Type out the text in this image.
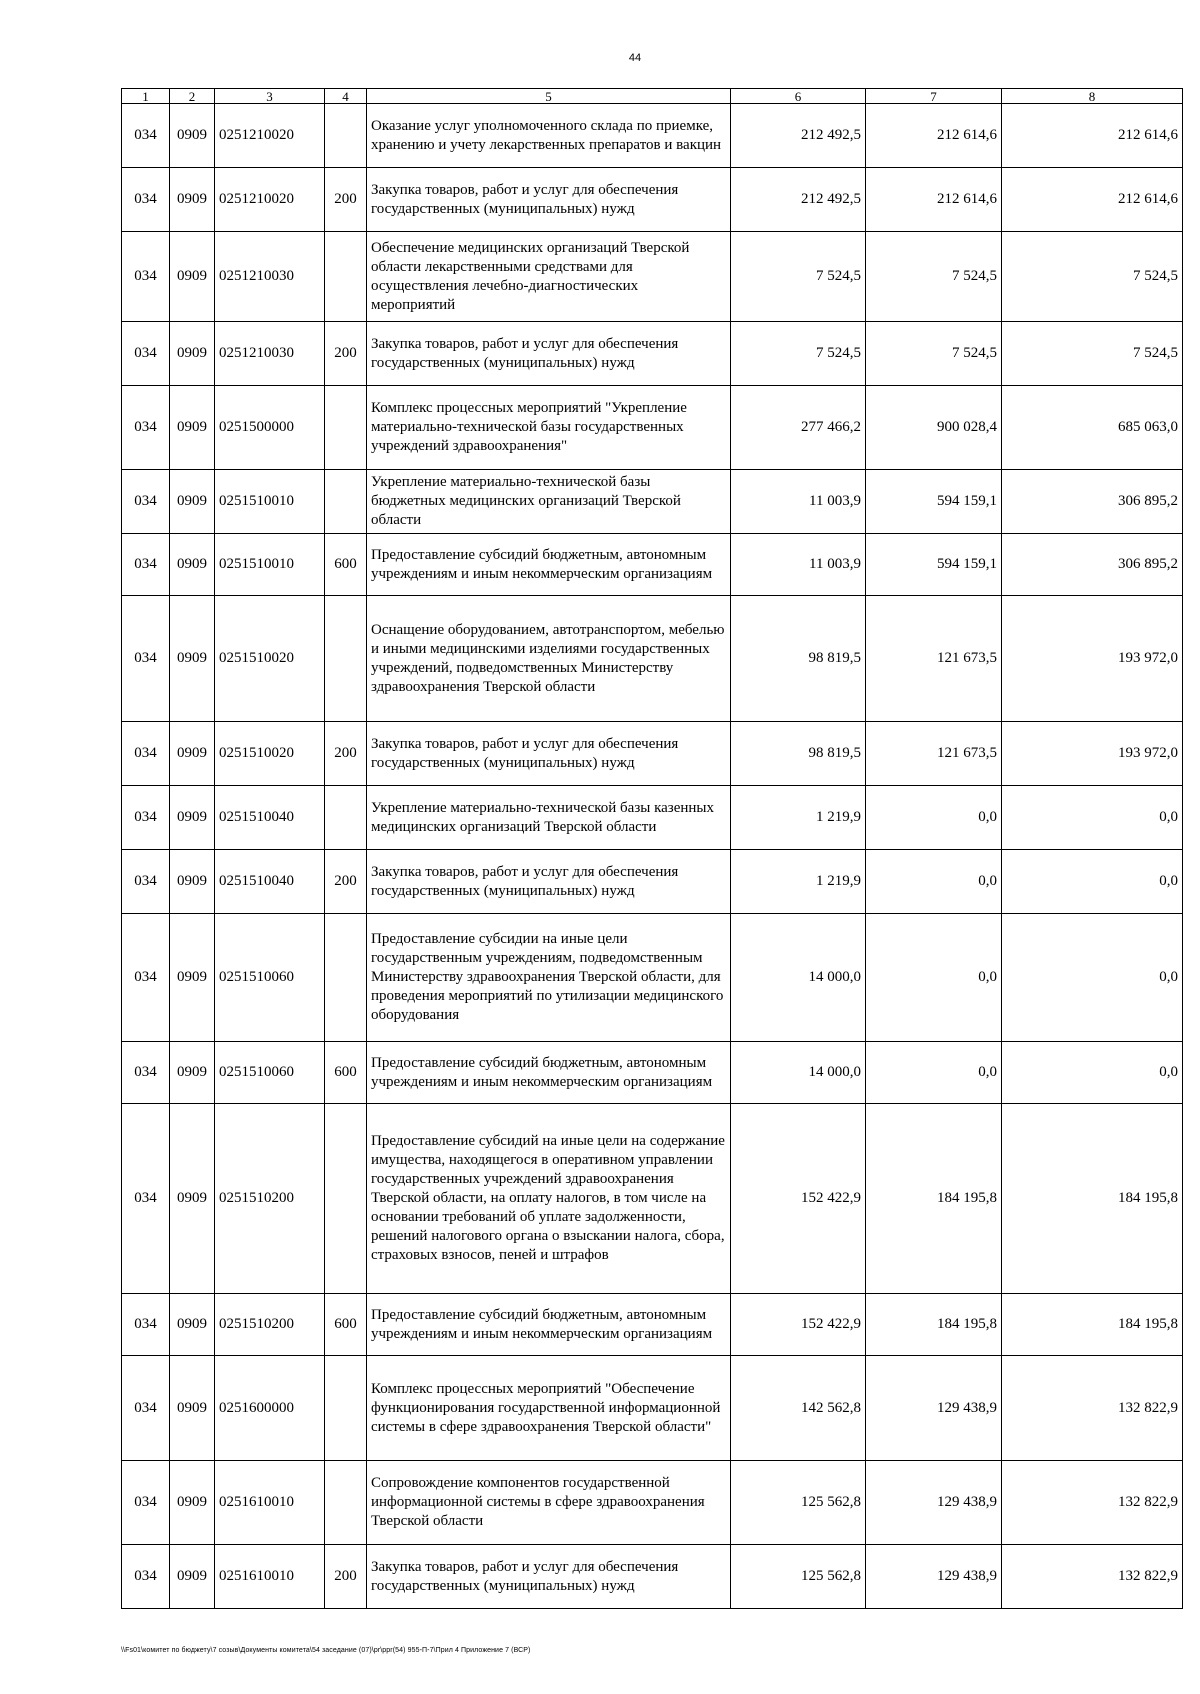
44
1	2	3	4	5	6	7	8
034	0909	0251210020		Оказание услуг уполномоченного склада по приемке, хранению и учету лекарственных препаратов и вакцин	212 492,5	212 614,6	212 614,6
034	0909	0251210020	200	Закупка товаров, работ и услуг для обеспечения государственных (муниципальных) нужд	212 492,5	212 614,6	212 614,6
034	0909	0251210030		Обеспечение медицинских организаций Тверской области лекарственными средствами для осуществления лечебно-диагностических мероприятий	7 524,5	7 524,5	7 524,5
034	0909	0251210030	200	Закупка товаров, работ и услуг для обеспечения государственных (муниципальных) нужд	7 524,5	7 524,5	7 524,5
034	0909	0251500000		Комплекс процессных мероприятий "Укрепление материально-технической базы государственных учреждений здравоохранения"	277 466,2	900 028,4	685 063,0
034	0909	0251510010		Укрепление материально-технической базы бюджетных медицинских организаций Тверской области	11 003,9	594 159,1	306 895,2
034	0909	0251510010	600	Предоставление субсидий бюджетным, автономным учреждениям и иным некоммерческим организациям	11 003,9	594 159,1	306 895,2
034	0909	0251510020		Оснащение оборудованием, автотранспортом, мебелью и иными медицинскими изделиями государственных учреждений, подведомственных Министерству здравоохранения Тверской области	98 819,5	121 673,5	193 972,0
034	0909	0251510020	200	Закупка товаров, работ и услуг для обеспечения государственных (муниципальных) нужд	98 819,5	121 673,5	193 972,0
034	0909	0251510040		Укрепление материально-технической базы казенных медицинских организаций Тверской области	1 219,9	0,0	0,0
034	0909	0251510040	200	Закупка товаров, работ и услуг для обеспечения государственных (муниципальных) нужд	1 219,9	0,0	0,0
034	0909	0251510060		Предоставление субсидии на иные цели государственным учреждениям, подведомственным Министерству здравоохранения Тверской области, для проведения мероприятий по утилизации медицинского оборудования	14 000,0	0,0	0,0
034	0909	0251510060	600	Предоставление субсидий бюджетным, автономным учреждениям и иным некоммерческим организациям	14 000,0	0,0	0,0
034	0909	0251510200		Предоставление субсидий на иные цели на содержание имущества, находящегося в оперативном управлении государственных учреждений здравоохранения Тверской области, на оплату налогов, в том числе на основании требований об уплате задолженности, решений налогового органа о взыскании налога, сбора, страховых взносов, пеней и штрафов	152 422,9	184 195,8	184 195,8
034	0909	0251510200	600	Предоставление субсидий бюджетным, автономным учреждениям и иным некоммерческим организациям	152 422,9	184 195,8	184 195,8
034	0909	0251600000		Комплекс процессных мероприятий "Обеспечение функционирования государственной информационной системы в сфере здравоохранения Тверской области"	142 562,8	129 438,9	132 822,9
034	0909	0251610010		Сопровождение компонентов государственной информационной системы в сфере здравоохранения Тверской области	125 562,8	129 438,9	132 822,9
034	0909	0251610010	200	Закупка товаров, работ и услуг для обеспечения государственных (муниципальных) нужд	125 562,8	129 438,9	132 822,9
\\Fs01\комитет по бюджету\7 созыв\Документы комитета\54 заседание (07)\pr\ppr(54) 955-П-7\Прил 4 Приложение 7 (ВСР)
